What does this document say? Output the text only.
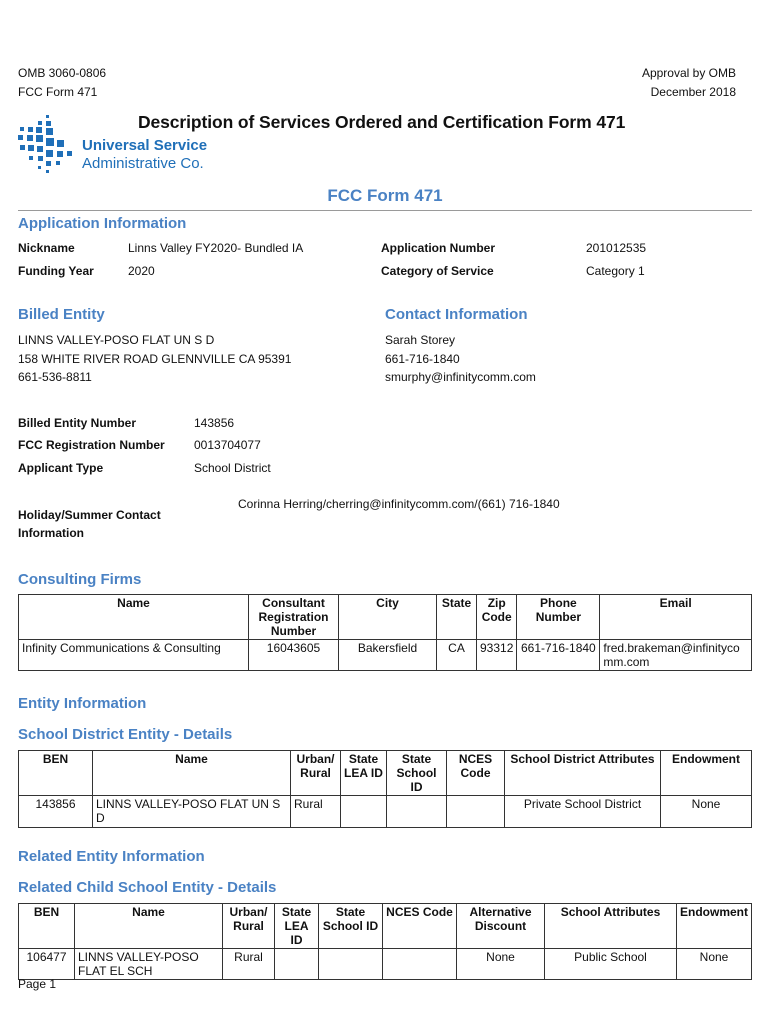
OMB 3060-0806
FCC Form 471
Approval by OMB
December 2018
Universal Service
Administrative Co.
Description of Services Ordered and Certification Form 471
FCC Form 471
Application Information
Nickname	Linns Valley FY2020- Bundled IA	Application Number	201012535
Funding Year	2020	Category of Service	Category 1
Billed Entity
LINNS VALLEY-POSO FLAT UN S D
158 WHITE RIVER ROAD GLENNVILLE CA 95391
661-536-8811
Contact Information
Sarah Storey
661-716-1840
smurphy@infinitycomm.com
Billed Entity Number	143856
FCC Registration Number 0013704077
Applicant Type	School District
Holiday/Summer Contact
Information
Corinna Herring/cherring@infinitycomm.com/(661) 716-1840
Consulting Firms
Name	Consultant Registration Number	City	State	Zip Code	Phone Number	Email
Infinity Communications & Consulting	16043605	Bakersfield	CA	93312	661-716-1840	fred.brakeman@infinitycomm.com
Entity Information
School District Entity - Details
BEN	Name	Urban/ Rural	State LEA ID	State School ID	NCES Code	School District Attributes	Endowment
143856	LINNS VALLEY-POSO FLAT UN S D	Rural				Private School District	None
Related Entity Information
Related Child School Entity - Details
BEN	Name	Urban/ Rural	State LEA ID	State School ID	NCES Code	Alternative Discount	School Attributes	Endowment
106477	LINNS VALLEY-POSO FLAT EL SCH	Rural				None	Public School	None
Page 1
